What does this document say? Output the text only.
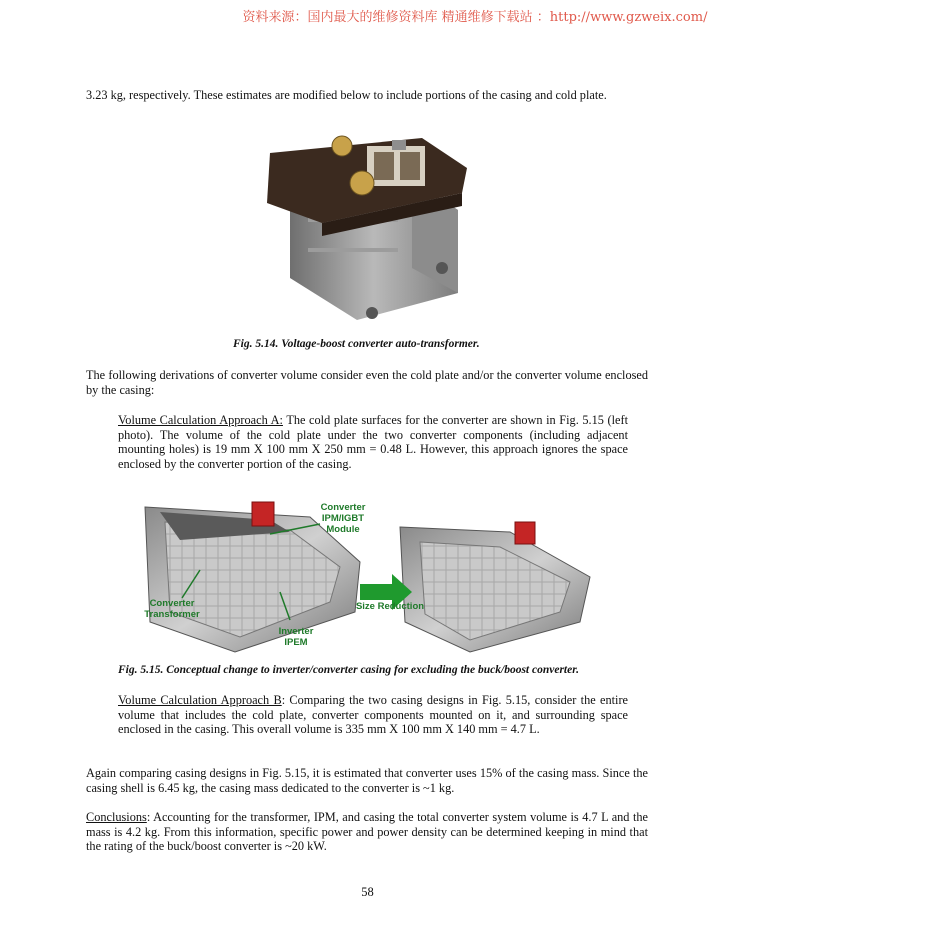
资料来源：国内最大的维修资料库 精通维修下载站 ：http://www.gzweix.com/

3.23 kg, respectively. These estimates are modified below to include portions of the casing and cold plate.

Fig. 5.14. Voltage-boost converter auto-transformer.

The following derivations of converter volume consider even the cold plate and/or the converter volume enclosed by the casing:

Volume Calculation Approach A: The cold plate surfaces for the converter are shown in Fig. 5.15 (left photo). The volume of the cold plate under the two converter components (including adjacent mounting holes) is 19 mm X 100 mm X 250 mm = 0.48 L. However, this approach ignores the space enclosed by the converter portion of the casing.

Converter
IPM/IGBT
Module
Converter
Transformer
Inverter
IPEM
Size Reduction

Fig. 5.15. Conceptual change to inverter/converter casing for excluding the buck/boost converter.

Volume Calculation Approach B: Comparing the two casing designs in Fig. 5.15, consider the entire volume that includes the cold plate, converter components mounted on it, and surrounding space enclosed in the casing. This overall volume is 335 mm X 100 mm X 140 mm = 4.7 L.

Again comparing casing designs in Fig. 5.15, it is estimated that converter uses 15% of the casing mass. Since the casing shell is 6.45 kg, the casing mass dedicated to the converter is ~1 kg.

Conclusions: Accounting for the transformer, IPM, and casing the total converter system volume is 4.7 L and the mass is 4.2 kg. From this information, specific power and power density can be determined keeping in mind that the rating of the buck/boost converter is ~20 kW.

58
